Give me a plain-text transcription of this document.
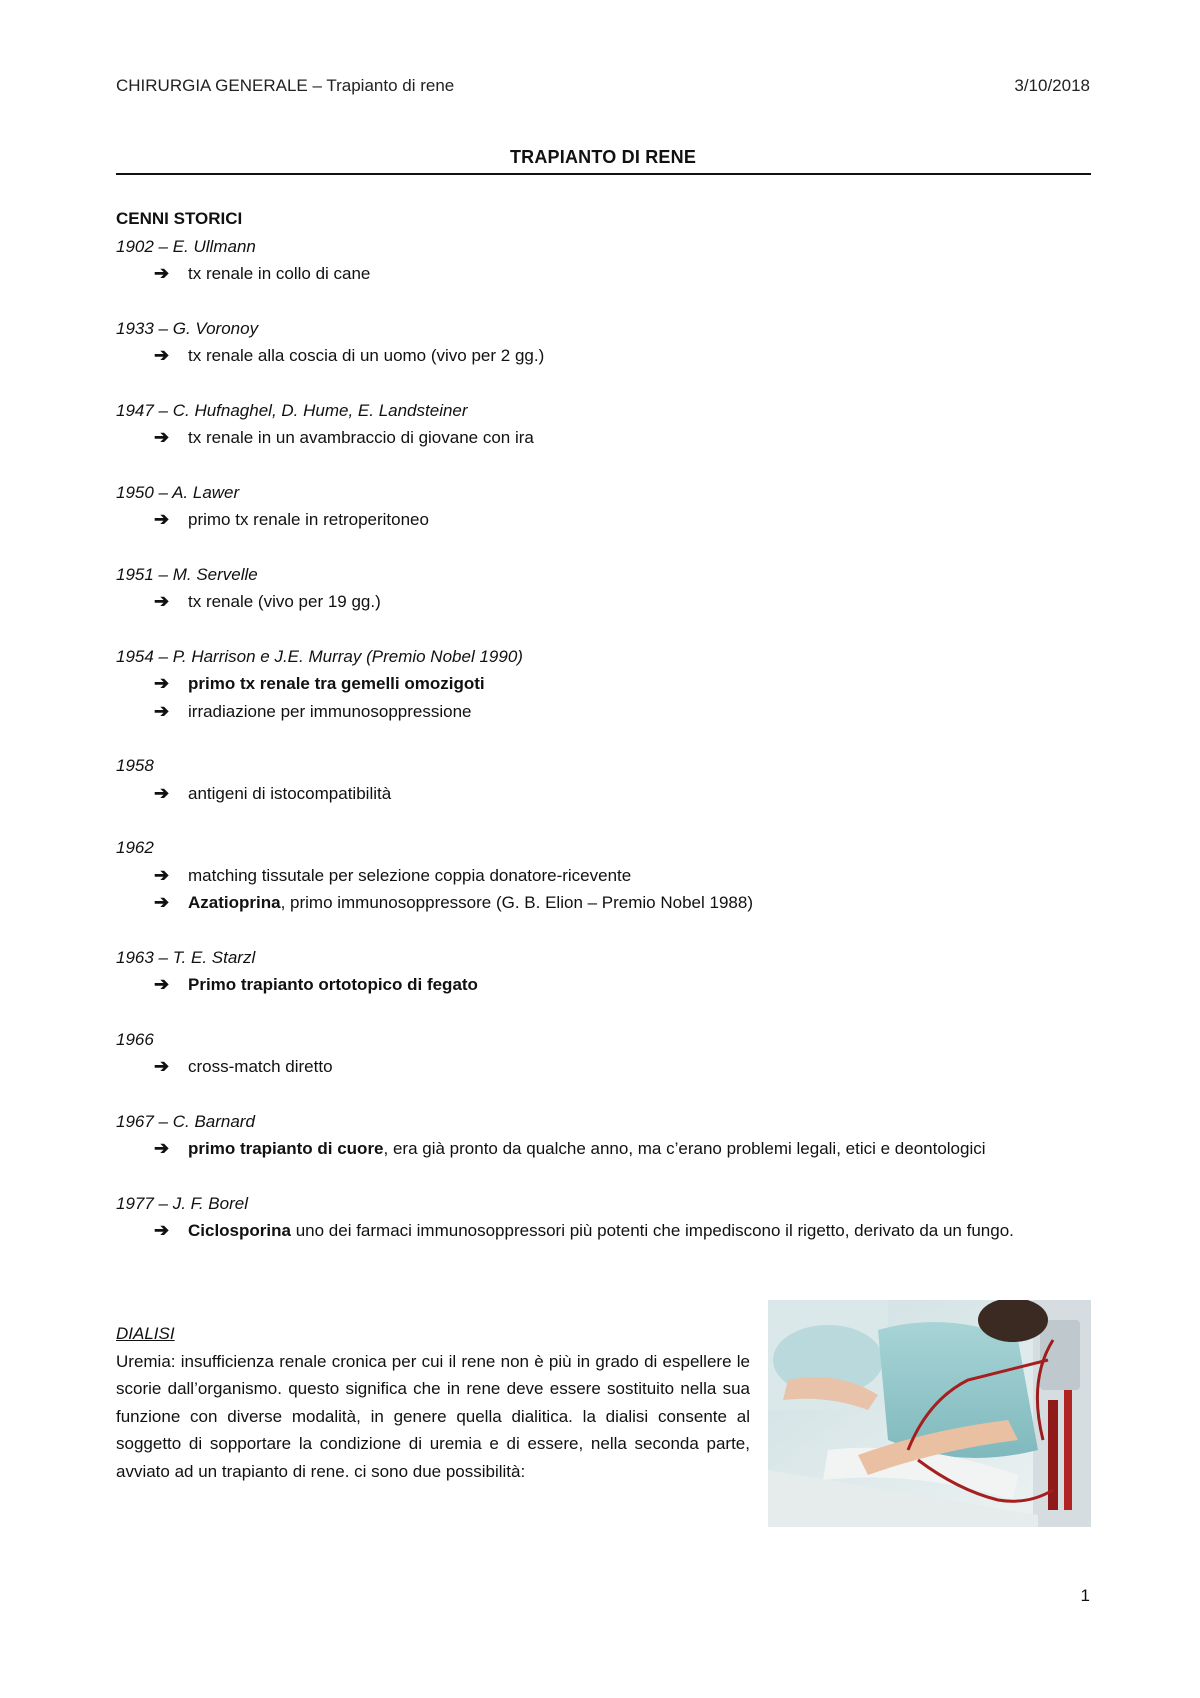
CHIRURGIA GENERALE – Trapianto di rene	3/10/2018
TRAPIANTO DI RENE

CENNI STORICI

1902 – E. Ullmann

➔ tx renale in collo di cane

1933 – G. Voronoy

➔ tx renale alla coscia di un uomo (vivo per 2 gg.)

1947 – C. Hufnaghel, D. Hume, E. Landsteiner

➔ tx renale in un avambraccio di giovane con ira

1950 – A. Lawer

➔ primo tx renale in retroperitoneo

1951 – M. Servelle

➔ tx renale (vivo per 19 gg.)

1954 – P. Harrison e J.E. Murray (Premio Nobel 1990)

➔ primo tx renale tra gemelli omozigoti

➔ irradiazione per immunosoppressione

1958

➔ antigeni di istocompatibilità

1962

➔ matching tissutale per selezione coppia donatore-ricevente

➔ Azatioprina, primo immunosoppressore (G. B. Elion – Premio Nobel 1988)

1963 – T. E. Starzl

➔ Primo trapianto ortotopico di fegato

1966

➔ cross-match diretto

1967 – C. Barnard

➔ primo trapianto di cuore, era già pronto da qualche anno, ma c’erano problemi legali, etici e deontologici

1977 – J. F. Borel

➔ Ciclosporina uno dei farmaci immunosoppressori più potenti che impediscono il rigetto, derivato da un fungo.

DIALISI

Uremia: insufficienza renale cronica per cui il rene non è più in grado di espellere le scorie dall’organismo. questo significa che in rene deve essere sostituito nella sua funzione con diverse modalità, in genere quella dialitica. la dialisi consente al soggetto di sopportare la condizione di uremia e di essere, nella seconda parte, avviato ad un trapianto di rene. ci sono due possibilità:

1
